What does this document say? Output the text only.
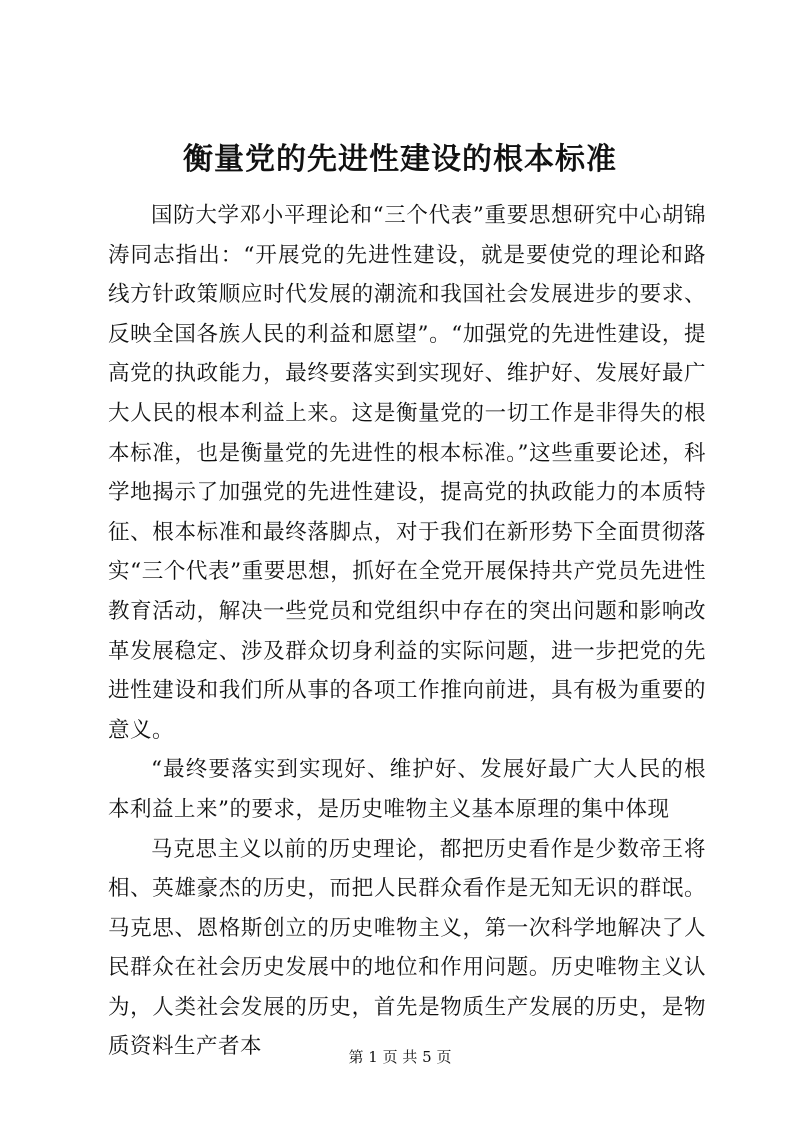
衡量党的先进性建设的根本标准

国防大学邓小平理论和“三个代表”重要思想研究中心胡锦涛同志指出：“开展党的先进性建设，就是要使党的理论和路线方针政策顺应时代发展的潮流和我国社会发展进步的要求、反映全国各族人民的利益和愿望”。“加强党的先进性建设，提高党的执政能力，最终要落实到实现好、维护好、发展好最广大人民的根本利益上来。这是衡量党的一切工作是非得失的根本标准，也是衡量党的先进性的根本标准。”这些重要论述，科学地揭示了加强党的先进性建设，提高党的执政能力的本质特征、根本标准和最终落脚点，对于我们在新形势下全面贯彻落实“三个代表”重要思想，抓好在全党开展保持共产党员先进性教育活动，解决一些党员和党组织中存在的突出问题和影响改革发展稳定、涉及群众切身利益的实际问题，进一步把党的先进性建设和我们所从事的各项工作推向前进，具有极为重要的意义。

“最终要落实到实现好、维护好、发展好最广大人民的根本利益上来”的要求，是历史唯物主义基本原理的集中体现

马克思主义以前的历史理论，都把历史看作是少数帝王将相、英雄豪杰的历史，而把人民群众看作是无知无识的群氓。马克思、恩格斯创立的历史唯物主义，第一次科学地解决了人民群众在社会历史发展中的地位和作用问题。历史唯物主义认为，人类社会发展的历史，首先是物质生产发展的历史，是物质资料生产者本	第 1 页 共 5 页
